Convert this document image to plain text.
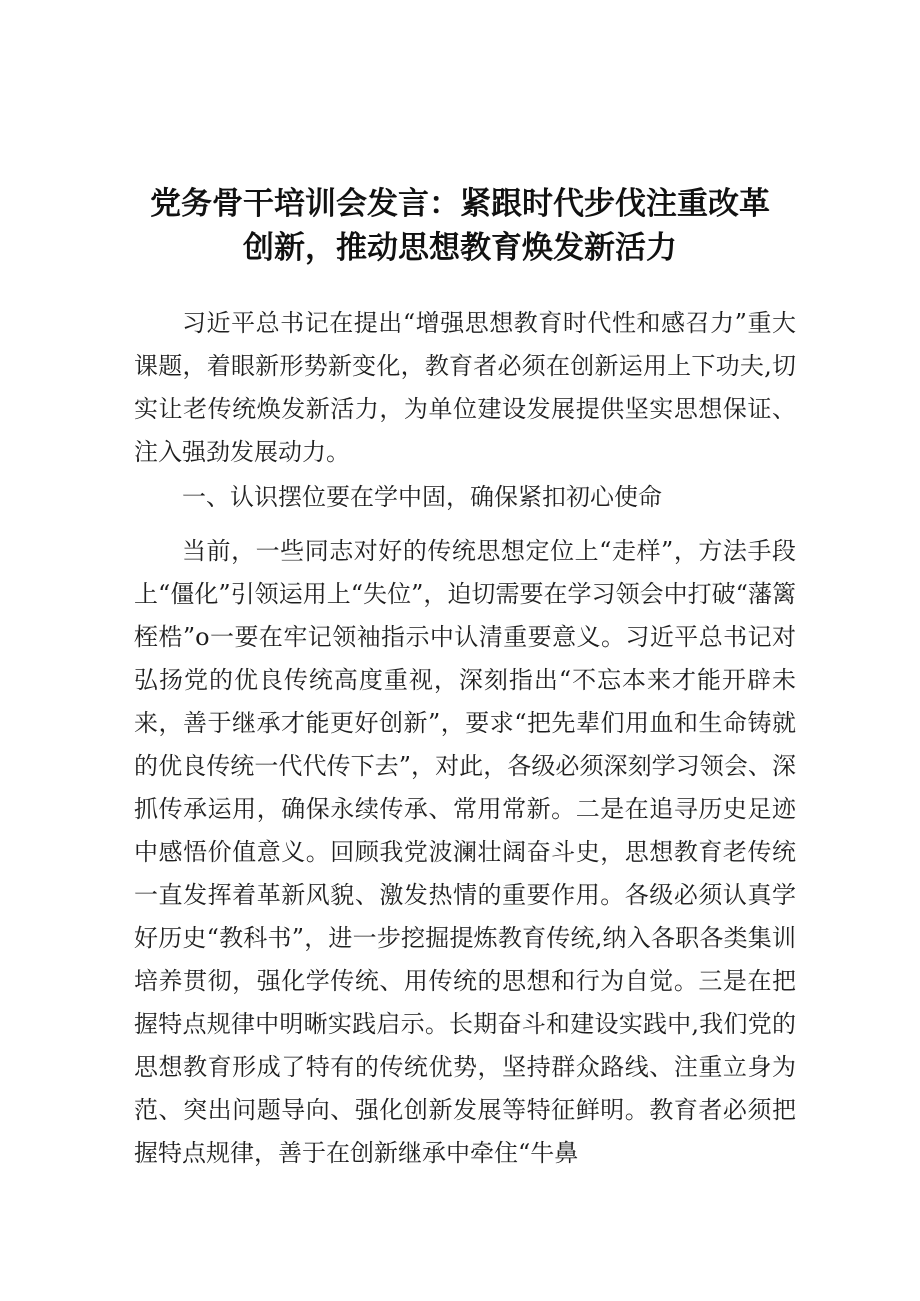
党务骨干培训会发言：紧跟时代步伐注重改革
创新，推动思想教育焕发新活力

习近平总书记在提出“增强思想教育时代性和感召力”重大课题，着眼新形势新变化，教育者必须在创新运用上下功夫,切实让老传统焕发新活力，为单位建设发展提供坚实思想保证、注入强劲发展动力。

一、认识摆位要在学中固，确保紧扣初心使命

当前，一些同志对好的传统思想定位上“走样”，方法手段上“僵化”引领运用上“失位”，迫切需要在学习领会中打破“藩篱桎梏”o一要在牢记领袖指示中认清重要意义。习近平总书记对弘扬党的优良传统高度重视，深刻指出“不忘本来才能开辟未来，善于继承才能更好创新”，要求“把先辈们用血和生命铸就的优良传统一代代传下去”，对此，各级必须深刻学习领会、深抓传承运用，确保永续传承、常用常新。二是在追寻历史足迹中感悟价值意义。回顾我党波澜壮阔奋斗史，思想教育老传统一直发挥着革新风貌、激发热情的重要作用。各级必须认真学好历史“教科书”，进一步挖掘提炼教育传统,纳入各职各类集训培养贯彻，强化学传统、用传统的思想和行为自觉。三是在把握特点规律中明晰实践启示。长期奋斗和建设实践中,我们党的思想教育形成了特有的传统优势，坚持群众路线、注重立身为范、突出问题导向、强化创新发展等特征鲜明。教育者必须把握特点规律，善于在创新继承中牵住“牛鼻
